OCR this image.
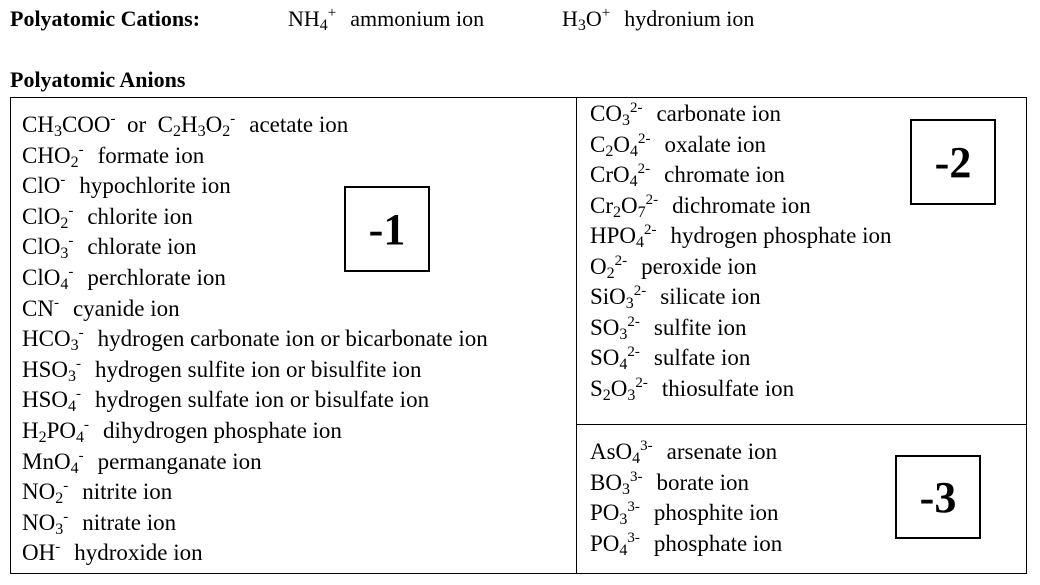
Polyatomic Cations:	$NH_4^+$ ammonium ion	$H_3O^+$ hydronium ion
Polyatomic Anions
$CH_3COO^-$  or  $C_2H_3O_2^-$ acetate ion
$CHO_2^-$ formate ion
ClO- hypochlorite ion
ClO$_2$- chlorite ion
ClO$_3$- chlorate ion
ClO$_4$- perchlorate ion
CN- cyanide ion
$HCO_3^-$ hydrogen carbonate ion or bicarbonate ion
$HSO_3^-$ hydrogen sulfite ion or bisulfite ion
$HSO_4^-$ hydrogen sulfate ion or bisulfate ion
$H_2PO_4^-$ dihydrogen phosphate ion
MnO$_4$- permanganate ion
$NO_2^-$ nitrite ion
$NO_3^-$ nitrate ion
OH- hydroxide ion
$CO_3^{2-}$ carbonate ion
$C_2O_4^{2-}$ oxalate ion
CrO$_4^{2-}$ chromate ion
$Cr_2O_7^{2-}$ dichromate ion
$HPO_4^{2-}$ hydrogen phosphate ion
$O_2^{2-}$ peroxide ion
SiO$_3^{2-}$ silicate ion
$SO_3^{2-}$ sulfite ion
$SO_4^{2-}$ sulfate ion
$S_2O_3^{2-}$ thiosulfate ion
AsO$_4^{3-}$ arsenate ion
$BO_3^{3-}$ borate ion
$PO_3^{3-}$ phosphite ion
$PO_4^{3-}$ phosphate ion
-1
-2
-3
